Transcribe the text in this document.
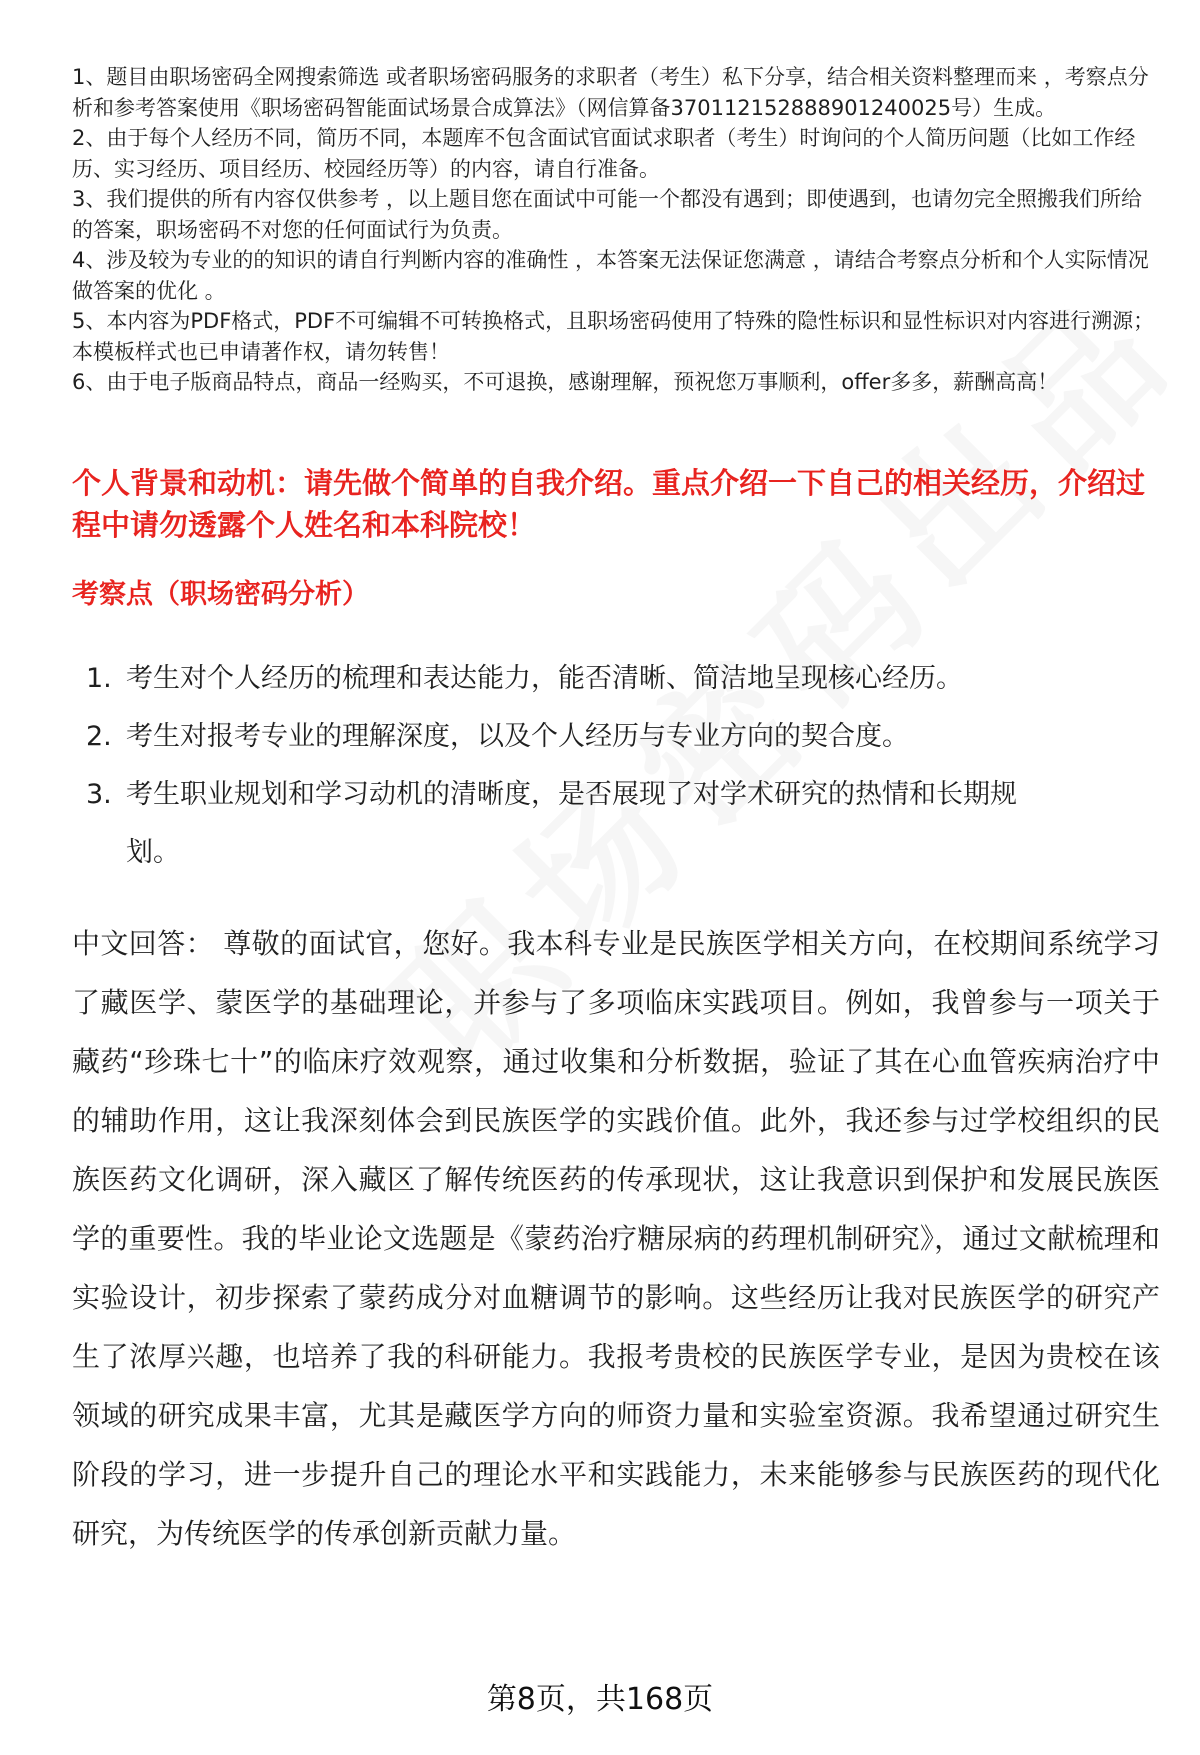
1、题目由职场密码全网搜索筛选 或者职场密码服务的求职者（考生）私下分享，结合相关资料整理而来 ，考察点分析和参考答案使用《职场密码智能面试场景合成算法》（网信算备370112152888901240025号）生成。
2、由于每个人经历不同，简历不同，本题库不包含面试官面试求职者（考生）时询问的个人简历问题（比如工作经历、实习经历、项目经历、校园经历等）的内容，请自行准备。
3、我们提供的所有内容仅供参考 ，以上题目您在面试中可能一个都没有遇到；即使遇到，也请勿完全照搬我们所给的答案，职场密码不对您的任何面试行为负责。
4、涉及较为专业的的知识的请自行判断内容的准确性 ，本答案无法保证您满意 ，请结合考察点分析和个人实际情况做答案的优化 。
5、本内容为PDF格式，PDF不可编辑不可转换格式，且职场密码使用了特殊的隐性标识和显性标识对内容进行溯源；本模板样式也已申请著作权，请勿转售！
6、由于电子版商品特点，商品一经购买，不可退换，感谢理解，预祝您万事顺利，offer多多，薪酬高高！
个人背景和动机：请先做个简单的自我介绍。重点介绍一下自己的相关经历，介绍过程中请勿透露个人姓名和本科院校！
考察点（职场密码分析）
1. 考生对个人经历的梳理和表达能力，能否清晰、简洁地呈现核心经历。
2. 考生对报考专业的理解深度，以及个人经历与专业方向的契合度。
3. 考生职业规划和学习动机的清晰度，是否展现了对学术研究的热情和长期规划。
中文回答： 尊敬的面试官，您好。我本科专业是民族医学相关方向，在校期间系统学习了藏医学、蒙医学的基础理论，并参与了多项临床实践项目。例如，我曾参与一项关于藏药“珍珠七十”的临床疗效观察，通过收集和分析数据，验证了其在心血管疾病治疗中的辅助作用，这让我深刻体会到民族医学的实践价值。此外，我还参与过学校组织的民族医药文化调研，深入藏区了解传统医药的传承现状，这让我意识到保护和发展民族医学的重要性。我的毕业论文选题是《蒙药治疗糖尿病的药理机制研究》，通过文献梳理和实验设计，初步探索了蒙药成分对血糖调节的影响。这些经历让我对民族医学的研究产生了浓厚兴趣，也培养了我的科研能力。我报考贵校的民族医学专业，是因为贵校在该领域的研究成果丰富，尤其是藏医学方向的师资力量和实验室资源。我希望通过研究生阶段的学习，进一步提升自己的理论水平和实践能力，未来能够参与民族医药的现代化研究，为传统医学的传承创新贡献力量。
第8页，共168页
